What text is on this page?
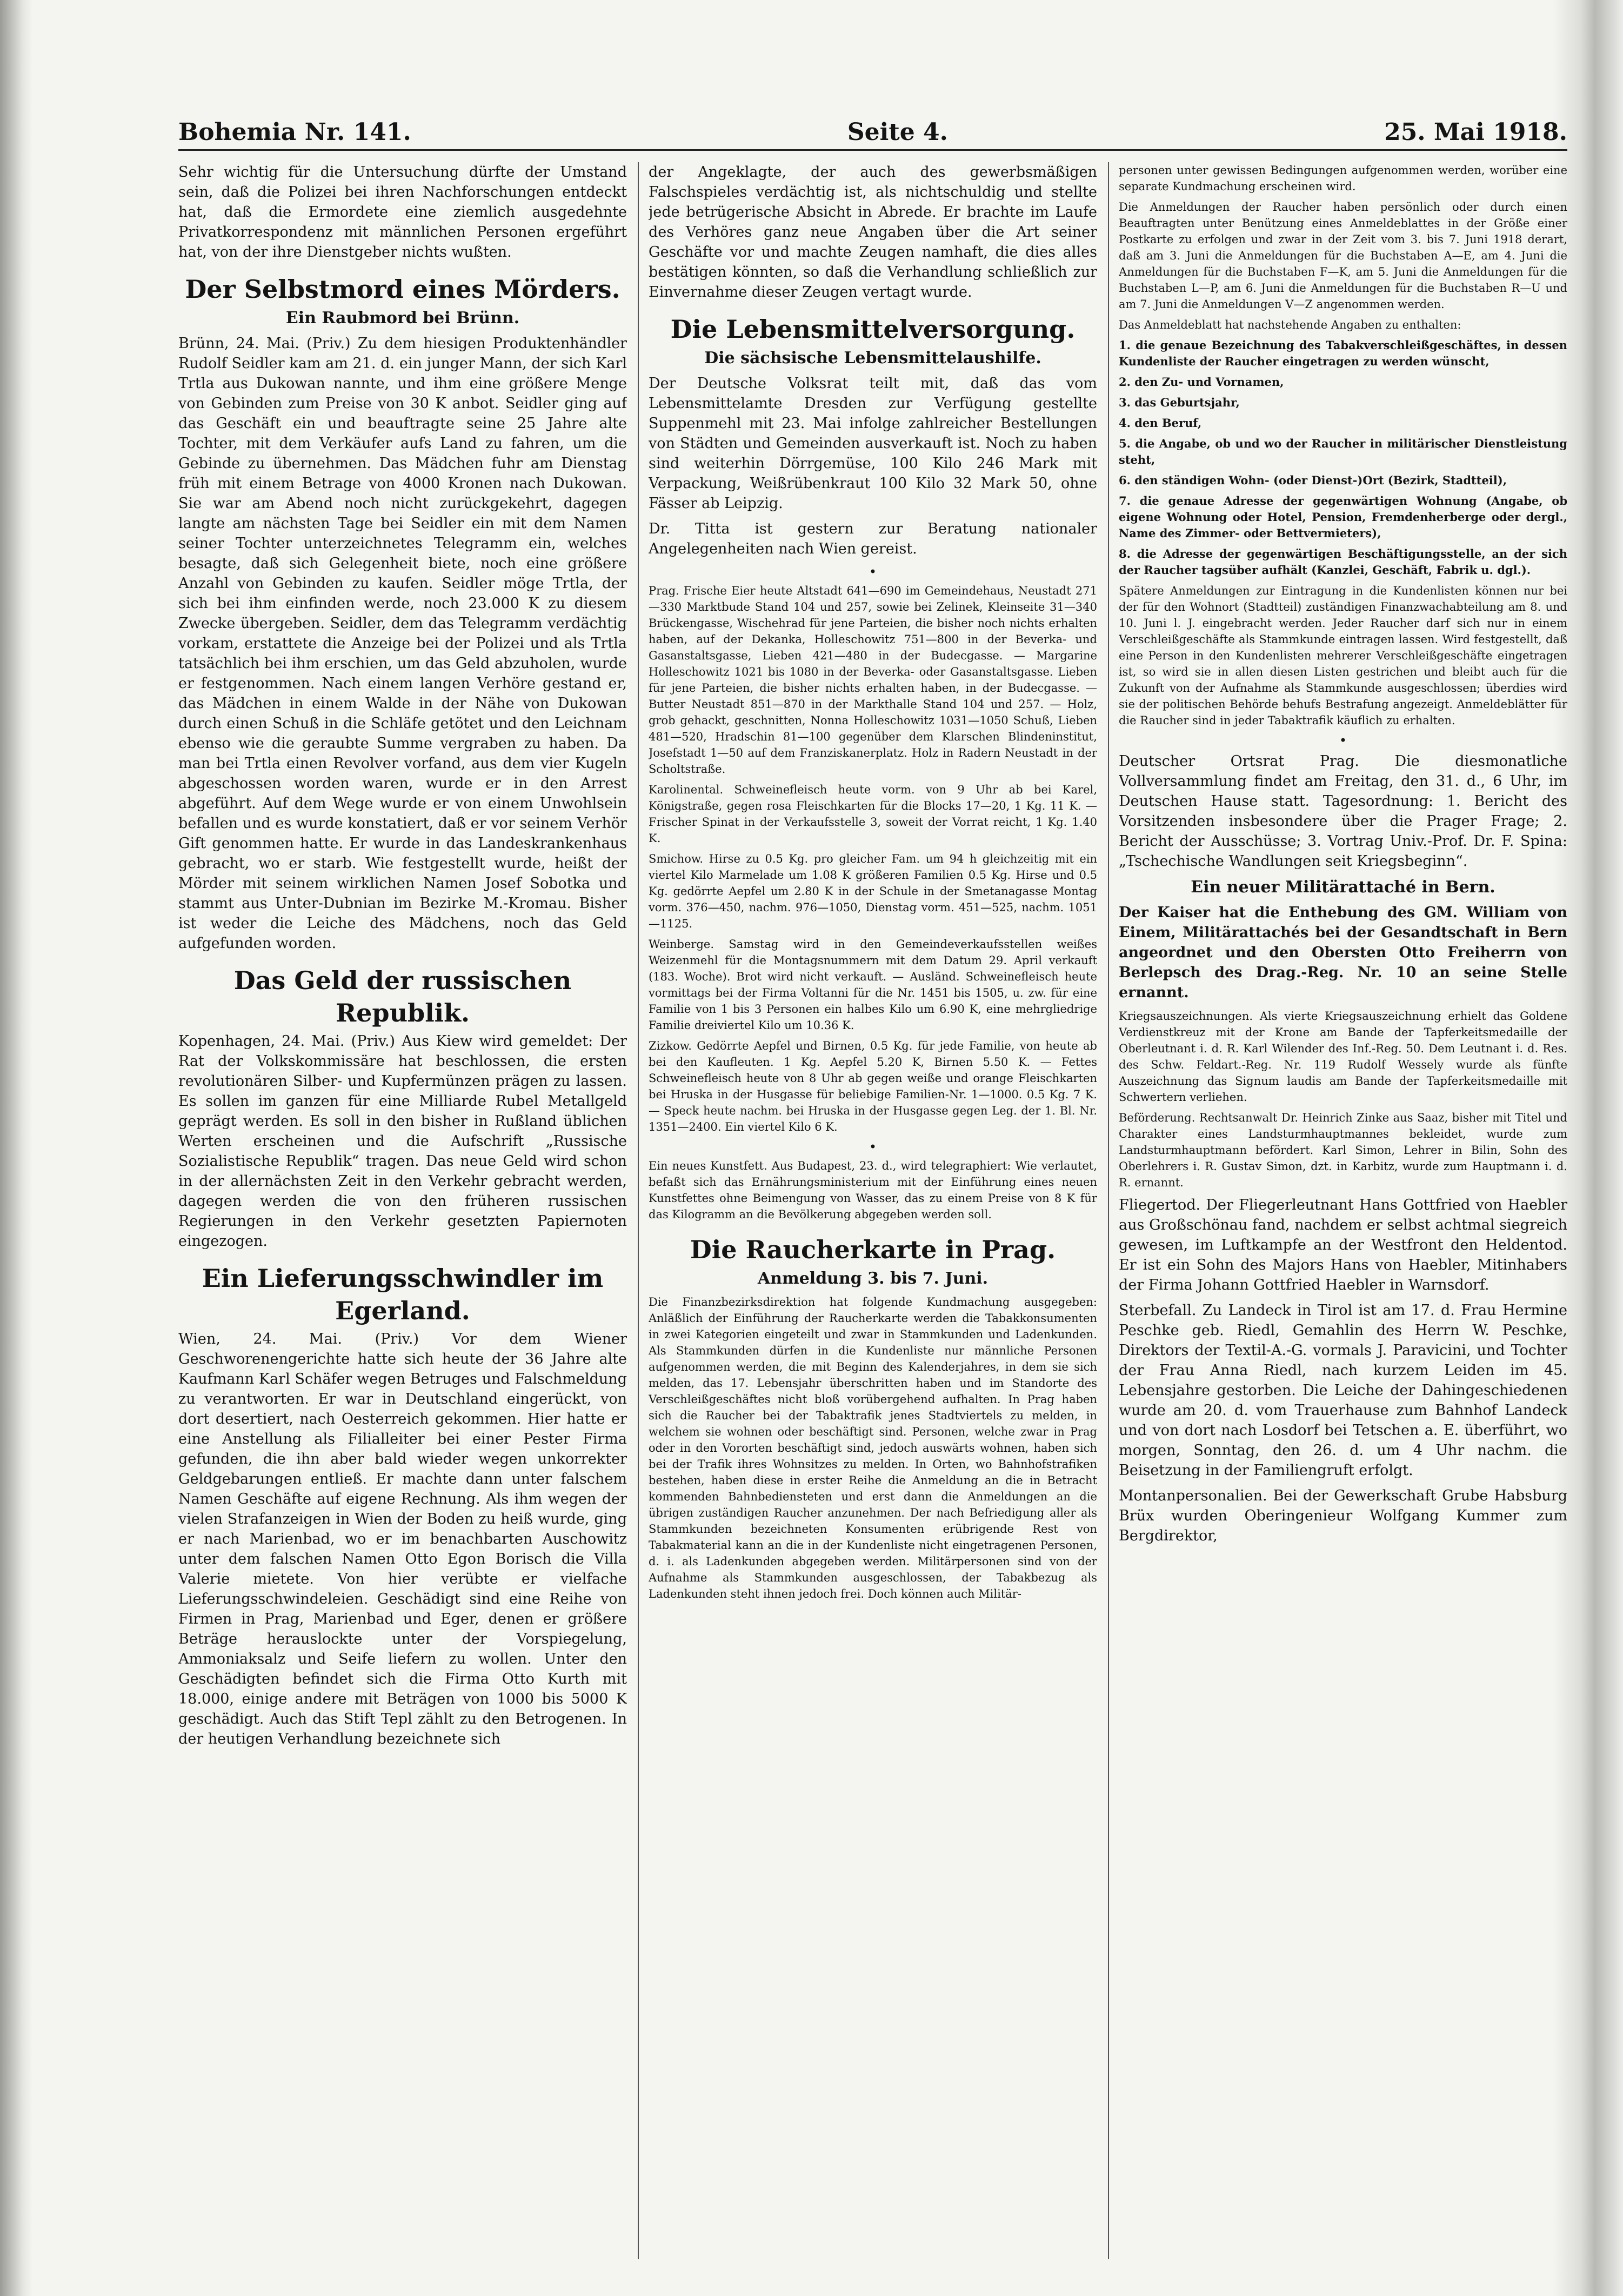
Bohemia Nr. 141.	Seite 4.	25. Mai 1918.

Sehr wichtig für die Untersuchung dürfte der Umstand sein, daß die Polizei bei ihren Nachforschungen entdeckt hat, daß die Ermordete eine ziemlich ausgedehnte Privatkorrespondenz mit männlichen Personen ergeführt hat, von der ihre Dienstgeber nichts wußten.

Der Selbstmord eines Mörders.
Ein Raubmord bei Brünn.

Brünn, 24. Mai. (Priv.) Zu dem hiesigen Produktenhändler Rudolf Seidler kam am 21. d. ein junger Mann, der sich Karl Trtla aus Dukowan nannte, und ihm eine größere Menge von Gebinden zum Preise von 30 K anbot. Seidler ging auf das Geschäft ein und beauftragte seine 25 Jahre alte Tochter, mit dem Verkäufer aufs Land zu fahren, um die Gebinde zu übernehmen. Das Mädchen fuhr am Dienstag früh mit einem Betrage von 4000 Kronen nach Dukowan. Sie war am Abend noch nicht zurückgekehrt, dagegen langte am nächsten Tage bei Seidler ein mit dem Namen seiner Tochter unterzeichnetes Telegramm ein, welches besagte, daß sich Gelegenheit biete, noch eine größere Anzahl von Gebinden zu kaufen. Seidler möge Trtla, der sich bei ihm einfinden werde, noch 23.000 K zu diesem Zwecke übergeben. Seidler, dem das Telegramm verdächtig vorkam, erstattete die Anzeige bei der Polizei und als Trtla tatsächlich bei ihm erschien, um das Geld abzuholen, wurde er festgenommen. Nach einem langen Verhöre gestand er, das Mädchen in einem Walde in der Nähe von Dukowan durch einen Schuß in die Schläfe getötet und den Leichnam ebenso wie die geraubte Summe vergraben zu haben. Da man bei Trtla einen Revolver vorfand, aus dem vier Kugeln abgeschossen worden waren, wurde er in den Arrest abgeführt. Auf dem Wege wurde er von einem Unwohlsein befallen und es wurde konstatiert, daß er vor seinem Verhör Gift genommen hatte. Er wurde in das Landeskrankenhaus gebracht, wo er starb. Wie festgestellt wurde, heißt der Mörder mit seinem wirklichen Namen Josef Sobotka und stammt aus Unter-Dubnian im Bezirke M.-Kromau. Bisher ist weder die Leiche des Mädchens, noch das Geld aufgefunden worden.

Das Geld der russischen Republik.

Kopenhagen, 24. Mai. (Priv.) Aus Kiew wird gemeldet: Der Rat der Volkskommissäre hat beschlossen, die ersten revolutionären Silber- und Kupfermünzen prägen zu lassen. Es sollen im ganzen für eine Milliarde Rubel Metallgeld geprägt werden. Es soll in den bisher in Rußland üblichen Werten erscheinen und die Aufschrift „Russische Sozialistische Republik“ tragen. Das neue Geld wird schon in der allernächsten Zeit in den Verkehr gebracht werden, dagegen werden die von den früheren russischen Regierungen in den Verkehr gesetzten Papiernoten eingezogen.

Ein Lieferungsschwindler im Egerland.

Wien, 24. Mai. (Priv.) Vor dem Wiener Geschworenengerichte hatte sich heute der 36 Jahre alte Kaufmann Karl Schäfer wegen Betruges und Falschmeldung zu verantworten. Er war in Deutschland eingerückt, von dort desertiert, nach Oesterreich gekommen. Hier hatte er eine Anstellung als Filialleiter bei einer Pester Firma gefunden, die ihn aber bald wieder wegen unkorrekter Geldgebarungen entließ. Er machte dann unter falschem Namen Geschäfte auf eigene Rechnung. Als ihm wegen der vielen Strafanzeigen in Wien der Boden zu heiß wurde, ging er nach Marienbad, wo er im benachbarten Auschowitz unter dem falschen Namen Otto Egon Borisch die Villa Valerie mietete. Von hier verübte er vielfache Lieferungsschwindeleien. Geschädigt sind eine Reihe von Firmen in Prag, Marienbad und Eger, denen er größere Beträge herauslockte unter der Vorspiegelung, Ammoniaksalz und Seife liefern zu wollen. Unter den Geschädigten befindet sich die Firma Otto Kurth mit 18.000, einige andere mit Beträgen von 1000 bis 5000 K geschädigt. Auch das Stift Tepl zählt zu den Betrogenen. In der heutigen Verhandlung bezeichnete sich

der Angeklagte, der auch des gewerbsmäßigen Falschspieles verdächtig ist, als nichtschuldig und stellte jede betrügerische Absicht in Abrede. Er brachte im Laufe des Verhöres ganz neue Angaben über die Art seiner Geschäfte vor und machte Zeugen namhaft, die dies alles bestätigen könnten, so daß die Verhandlung schließlich zur Einvernahme dieser Zeugen vertagt wurde.

Die Lebensmittelversorgung.
Die sächsische Lebensmittelaushilfe.

Der Deutsche Volksrat teilt mit, daß das vom Lebensmittelamte Dresden zur Verfügung gestellte Suppenmehl mit 23. Mai infolge zahlreicher Bestellungen von Städten und Gemeinden ausverkauft ist. Noch zu haben sind weiterhin Dörrgemüse, 100 Kilo 246 Mark mit Verpackung, Weißrübenkraut 100 Kilo 32 Mark 50, ohne Fässer ab Leipzig.

Dr. Titta ist gestern zur Beratung nationaler Angelegenheiten nach Wien gereist.

•

Prag. Frische Eier heute Altstadt 641—690 im Gemeindehaus, Neustadt 271—330 Marktbude Stand 104 und 257, sowie bei Zelinek, Kleinseite 31—340 Brückengasse, Wischehrad für jene Parteien, die bisher noch nichts erhalten haben, auf der Dekanka, Holleschowitz 751—800 in der Beverka- und Gasanstaltsgasse, Lieben 421—480 in der Budecgasse. — Margarine Holleschowitz 1021 bis 1080 in der Beverka- oder Gasanstaltsgasse. Lieben für jene Parteien, die bisher nichts erhalten haben, in der Budecgasse. — Butter Neustadt 851—870 in der Markthalle Stand 104 und 257. — Holz, grob gehackt, geschnitten, Nonna Holleschowitz 1031—1050 Schuß, Lieben 481—520, Hradschin 81—100 gegenüber dem Klarschen Blindeninstitut, Josefstadt 1—50 auf dem Franziskanerplatz. Holz in Radern Neustadt in der Scholtstraße.

Karolinental. Schweinefleisch heute vorm. von 9 Uhr ab bei Karel, Königstraße, gegen rosa Fleischkarten für die Blocks 17—20, 1 Kg. 11 K. — Frischer Spinat in der Verkaufsstelle 3, soweit der Vorrat reicht, 1 Kg. 1.40 K.

Smichow. Hirse zu 0.5 Kg. pro gleicher Fam. um 94 h gleichzeitig mit ein viertel Kilo Marmelade um 1.08 K größeren Familien 0.5 Kg. Hirse und 0.5 Kg. gedörrte Aepfel um 2.80 K in der Schule in der Smetanagasse Montag vorm. 376—450, nachm. 976—1050, Dienstag vorm. 451—525, nachm. 1051—1125.

Weinberge. Samstag wird in den Gemeindeverkaufsstellen weißes Weizenmehl für die Montagsnummern mit dem Datum 29. April verkauft (183. Woche). Brot wird nicht verkauft. — Ausländ. Schweinefleisch heute vormittags bei der Firma Voltanni für die Nr. 1451 bis 1505, u. zw. für eine Familie von 1 bis 3 Personen ein halbes Kilo um 6.90 K, eine mehrgliedrige Familie dreiviertel Kilo um 10.36 K.

Zizkow. Gedörrte Aepfel und Birnen, 0.5 Kg. für jede Familie, von heute ab bei den Kaufleuten. 1 Kg. Aepfel 5.20 K, Birnen 5.50 K. — Fettes Schweinefleisch heute von 8 Uhr ab gegen weiße und orange Fleischkarten bei Hruska in der Husgasse für beliebige Familien-Nr. 1—1000. 0.5 Kg. 7 K. — Speck heute nachm. bei Hruska in der Husgasse gegen Leg. der 1. Bl. Nr. 1351—2400. Ein viertel Kilo 6 K.

•

Ein neues Kunstfett. Aus Budapest, 23. d., wird telegraphiert: Wie verlautet, befaßt sich das Ernährungsministerium mit der Einführung eines neuen Kunstfettes ohne Beimengung von Wasser, das zu einem Preise von 8 K für das Kilogramm an die Bevölkerung abgegeben werden soll.

Die Raucherkarte in Prag.
Anmeldung 3. bis 7. Juni.

Die Finanzbezirksdirektion hat folgende Kundmachung ausgegeben: Anläßlich der Einführung der Raucherkarte werden die Tabakkonsumenten in zwei Kategorien eingeteilt und zwar in Stammkunden und Ladenkunden. Als Stammkunden dürfen in die Kundenliste nur männliche Personen aufgenommen werden, die mit Beginn des Kalenderjahres, in dem sie sich melden, das 17. Lebensjahr überschritten haben und im Standorte des Verschleißgeschäftes nicht bloß vorübergehend aufhalten. In Prag haben sich die Raucher bei der Tabaktrafik jenes Stadtviertels zu melden, in welchem sie wohnen oder beschäftigt sind. Personen, welche zwar in Prag oder in den Vororten beschäftigt sind, jedoch auswärts wohnen, haben sich bei der Trafik ihres Wohnsitzes zu melden. In Orten, wo Bahnhofstrafiken bestehen, haben diese in erster Reihe die Anmeldung an die in Betracht kommenden Bahnbediensteten und erst dann die Anmeldungen an die übrigen zuständigen Raucher anzunehmen. Der nach Befriedigung aller als Stammkunden bezeichneten Konsumenten erübrigende Rest von Tabakmaterial kann an die in der Kundenliste nicht eingetragenen Personen, d. i. als Ladenkunden abgegeben werden. Militärpersonen sind von der Aufnahme als Stammkunden ausgeschlossen, der Tabakbezug als Ladenkunden steht ihnen jedoch frei. Doch können auch Militär-

personen unter gewissen Bedingungen aufgenommen werden, worüber eine separate Kundmachung erscheinen wird.

Die Anmeldungen der Raucher haben persönlich oder durch einen Beauftragten unter Benützung eines Anmeldeblattes in der Größe einer Postkarte zu erfolgen und zwar in der Zeit vom 3. bis 7. Juni 1918 derart, daß am 3. Juni die Anmeldungen für die Buchstaben A—E, am 4. Juni die Anmeldungen für die Buchstaben F—K, am 5. Juni die Anmeldungen für die Buchstaben L—P, am 6. Juni die Anmeldungen für die Buchstaben R—U und am 7. Juni die Anmeldungen V—Z angenommen werden.

Das Anmeldeblatt hat nachstehende Angaben zu enthalten:

1. die genaue Bezeichnung des Tabakverschleißgeschäftes, in dessen Kundenliste der Raucher eingetragen zu werden wünscht,

2. den Zu- und Vornamen,

3. das Geburtsjahr,

4. den Beruf,

5. die Angabe, ob und wo der Raucher in militärischer Dienstleistung steht,

6. den ständigen Wohn- (oder Dienst-)Ort (Bezirk, Stadtteil),

7. die genaue Adresse der gegenwärtigen Wohnung (Angabe, ob eigene Wohnung oder Hotel, Pension, Fremdenherberge oder dergl., Name des Zimmer- oder Bettvermieters),

8. die Adresse der gegenwärtigen Beschäftigungsstelle, an der sich der Raucher tagsüber aufhält (Kanzlei, Geschäft, Fabrik u. dgl.).

Spätere Anmeldungen zur Eintragung in die Kundenlisten können nur bei der für den Wohnort (Stadtteil) zuständigen Finanzwachabteilung am 8. und 10. Juni l. J. eingebracht werden. Jeder Raucher darf sich nur in einem Verschleißgeschäfte als Stammkunde eintragen lassen. Wird festgestellt, daß eine Person in den Kundenlisten mehrerer Verschleißgeschäfte eingetragen ist, so wird sie in allen diesen Listen gestrichen und bleibt auch für die Zukunft von der Aufnahme als Stammkunde ausgeschlossen; überdies wird sie der politischen Behörde behufs Bestrafung angezeigt. Anmeldeblätter für die Raucher sind in jeder Tabaktrafik käuflich zu erhalten.

•

Deutscher Ortsrat Prag. Die diesmonatliche Vollversammlung findet am Freitag, den 31. d., 6 Uhr, im Deutschen Hause statt. Tagesordnung: 1. Bericht des Vorsitzenden insbesondere über die Prager Frage; 2. Bericht der Ausschüsse; 3. Vortrag Univ.-Prof. Dr. F. Spina: „Tschechische Wandlungen seit Kriegsbeginn“.

Ein neuer Militärattaché in Bern.

Der Kaiser hat die Enthebung des GM. William von Einem, Militärattachés bei der Gesandtschaft in Bern angeordnet und den Obersten Otto Freiherrn von Berlepsch des Drag.-Reg. Nr. 10 an seine Stelle ernannt.

Kriegsauszeichnungen. Als vierte Kriegsauszeichnung erhielt das Goldene Verdienstkreuz mit der Krone am Bande der Tapferkeitsmedaille der Oberleutnant i. d. R. Karl Wilender des Inf.-Reg. 50. Dem Leutnant i. d. Res. des Schw. Feldart.-Reg. Nr. 119 Rudolf Wessely wurde als fünfte Auszeichnung das Signum laudis am Bande der Tapferkeitsmedaille mit Schwertern verliehen.

Beförderung. Rechtsanwalt Dr. Heinrich Zinke aus Saaz, bisher mit Titel und Charakter eines Landsturmhauptmannes bekleidet, wurde zum Landsturmhauptmann befördert. Karl Simon, Lehrer in Bilin, Sohn des Oberlehrers i. R. Gustav Simon, dzt. in Karbitz, wurde zum Hauptmann i. d. R. ernannt.

Fliegertod. Der Fliegerleutnant Hans Gottfried von Haebler aus Großschönau fand, nachdem er selbst achtmal siegreich gewesen, im Luftkampfe an der Westfront den Heldentod. Er ist ein Sohn des Majors Hans von Haebler, Mitinhabers der Firma Johann Gottfried Haebler in Warnsdorf.

Sterbefall. Zu Landeck in Tirol ist am 17. d. Frau Hermine Peschke geb. Riedl, Gemahlin des Herrn W. Peschke, Direktors der Textil-A.-G. vormals J. Paravicini, und Tochter der Frau Anna Riedl, nach kurzem Leiden im 45. Lebensjahre gestorben. Die Leiche der Dahingeschiedenen wurde am 20. d. vom Trauerhause zum Bahnhof Landeck und von dort nach Losdorf bei Tetschen a. E. überführt, wo morgen, Sonntag, den 26. d. um 4 Uhr nachm. die Beisetzung in der Familiengruft erfolgt.

Montanpersonalien. Bei der Gewerkschaft Grube Habsburg Brüx wurden Oberingenieur Wolfgang Kummer zum Bergdirektor,
